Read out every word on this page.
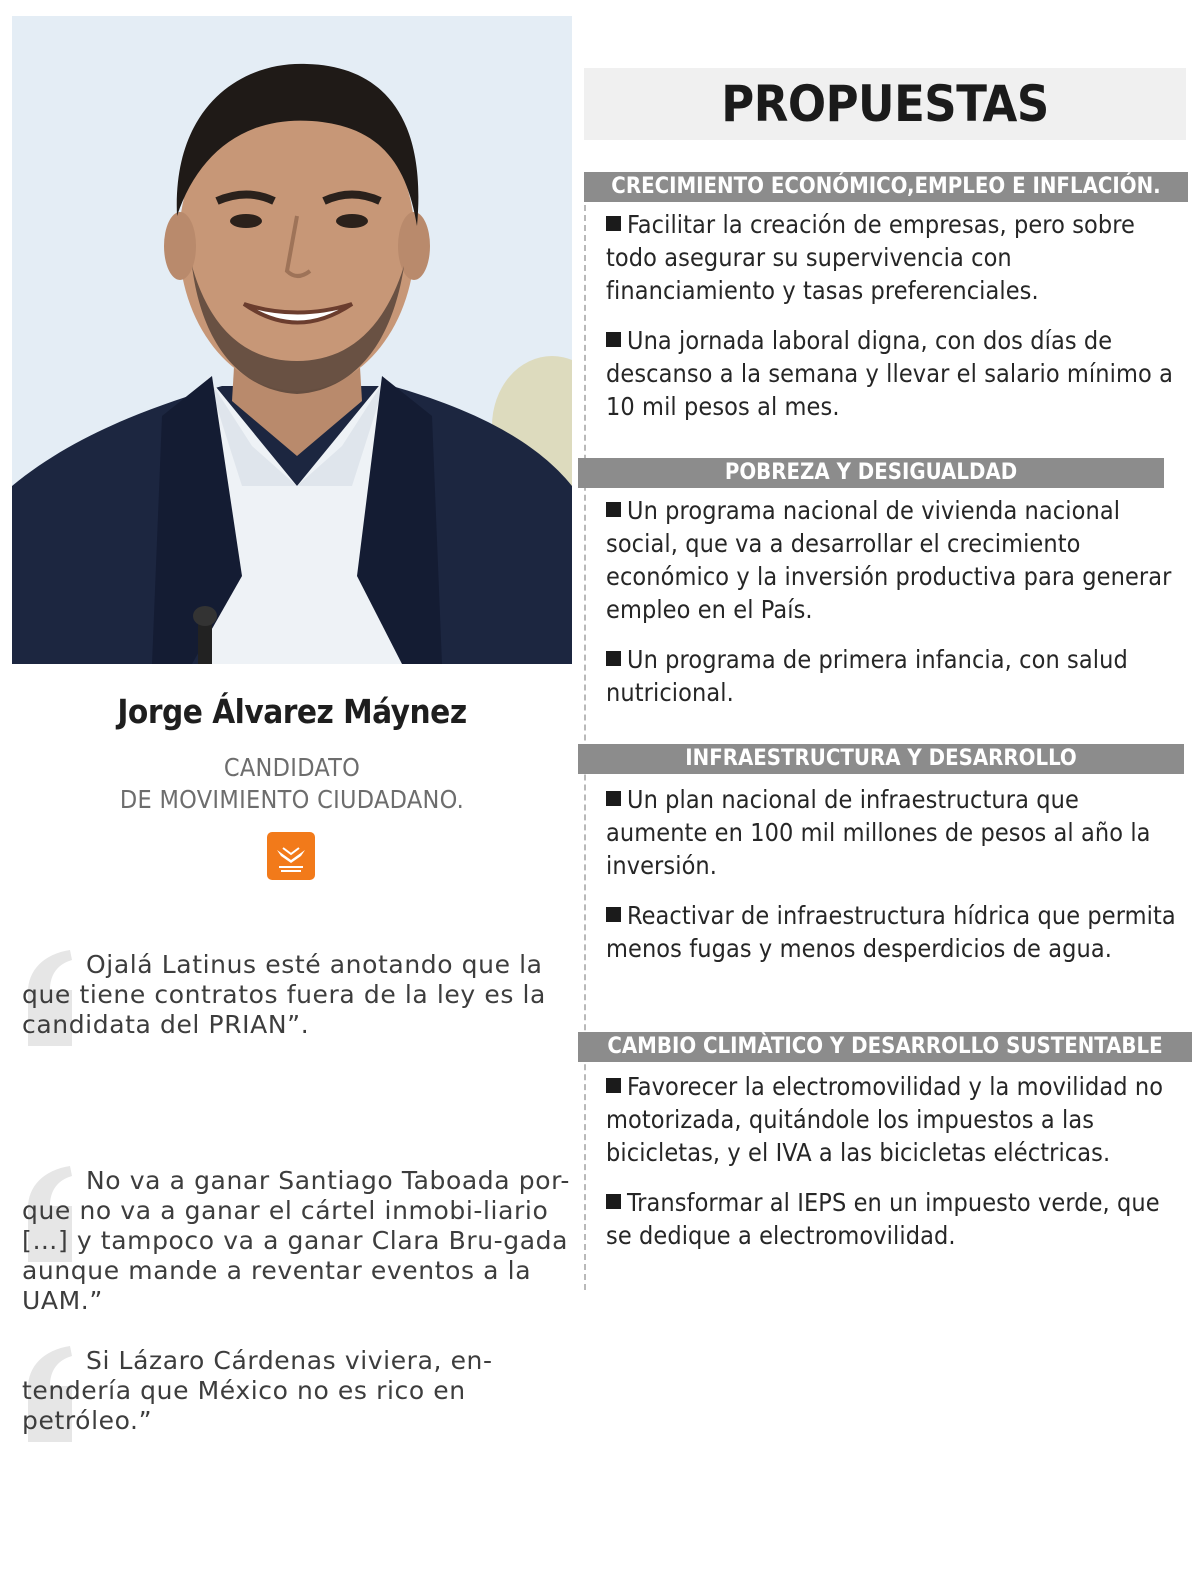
Jorge Álvarez Máynez
CANDIDATO
DE MOVIMIENTO CIUDADANO.

Ojalá Latinus esté anotando que la que tiene contratos fuera de la ley es la candidata del PRIAN”.

No va a ganar Santiago Taboada por-que no va a ganar el cártel inmobi-liario […] y tampoco va a ganar Clara Bru-gada aunque mande a reventar eventos a la UAM.”

Si Lázaro Cárdenas viviera, en-tendería que México no es rico en petróleo.”

PROPUESTAS
CRECIMIENTO ECONÓMICO,EMPLEO E INFLACIÓN.
Facilitar la creación de empresas, pero sobre todo asegurar su supervivencia con financiamiento y tasas preferenciales.
Una jornada laboral digna, con dos días de descanso a la semana y llevar el salario mínimo a 10 mil pesos al mes.
POBREZA Y DESIGUALDAD
Un programa nacional de vivienda nacional social, que va a desarrollar el crecimiento económico y la inversión productiva para generar empleo en el País.
Un programa de primera infancia, con salud nutricional.
INFRAESTRUCTURA Y DESARROLLO
Un plan nacional de infraestructura que aumente en 100 mil millones de pesos al año la inversión.
Reactivar de infraestructura hídrica que permita menos fugas y menos desperdicios de agua.
CAMBIO CLIMÀTICO Y DESARROLLO SUSTENTABLE
Favorecer la electromovilidad y la movilidad no motorizada, quitándole los impuestos a las bicicletas, y el IVA a las bicicletas eléctricas.
Transformar al IEPS en un impuesto verde, que se dedique a electromovilidad.
